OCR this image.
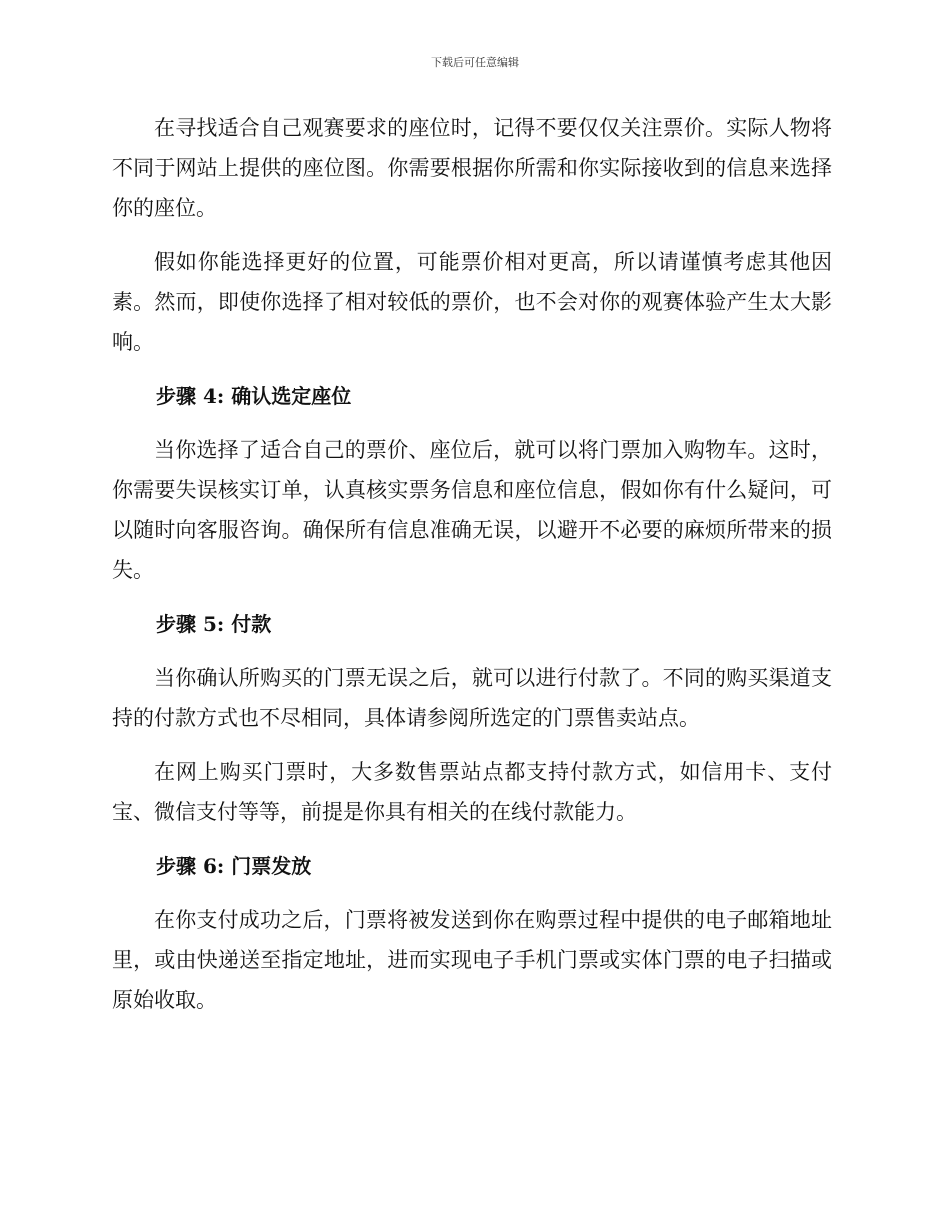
下载后可任意编辑

在寻找适合自己观赛要求的座位时，记得不要仅仅关注票价。实际人物将不同于网站上提供的座位图。你需要根据你所需和你实际接收到的信息来选择你的座位。

假如你能选择更好的位置，可能票价相对更高，所以请谨慎考虑其他因素。然而，即使你选择了相对较低的票价，也不会对你的观赛体验产生太大影响。

步骤 4: 确认选定座位

当你选择了适合自己的票价、座位后，就可以将门票加入购物车。这时，你需要失误核实订单，认真核实票务信息和座位信息，假如你有什么疑问，可以随时向客服咨询。确保所有信息准确无误，以避开不必要的麻烦所带来的损失。

步骤 5: 付款

当你确认所购买的门票无误之后，就可以进行付款了。不同的购买渠道支持的付款方式也不尽相同，具体请参阅所选定的门票售卖站点。

在网上购买门票时，大多数售票站点都支持付款方式，如信用卡、支付宝、微信支付等等，前提是你具有相关的在线付款能力。

步骤 6: 门票发放

在你支付成功之后，门票将被发送到你在购票过程中提供的电子邮箱地址里，或由快递送至指定地址，进而实现电子手机门票或实体门票的电子扫描或原始收取。
